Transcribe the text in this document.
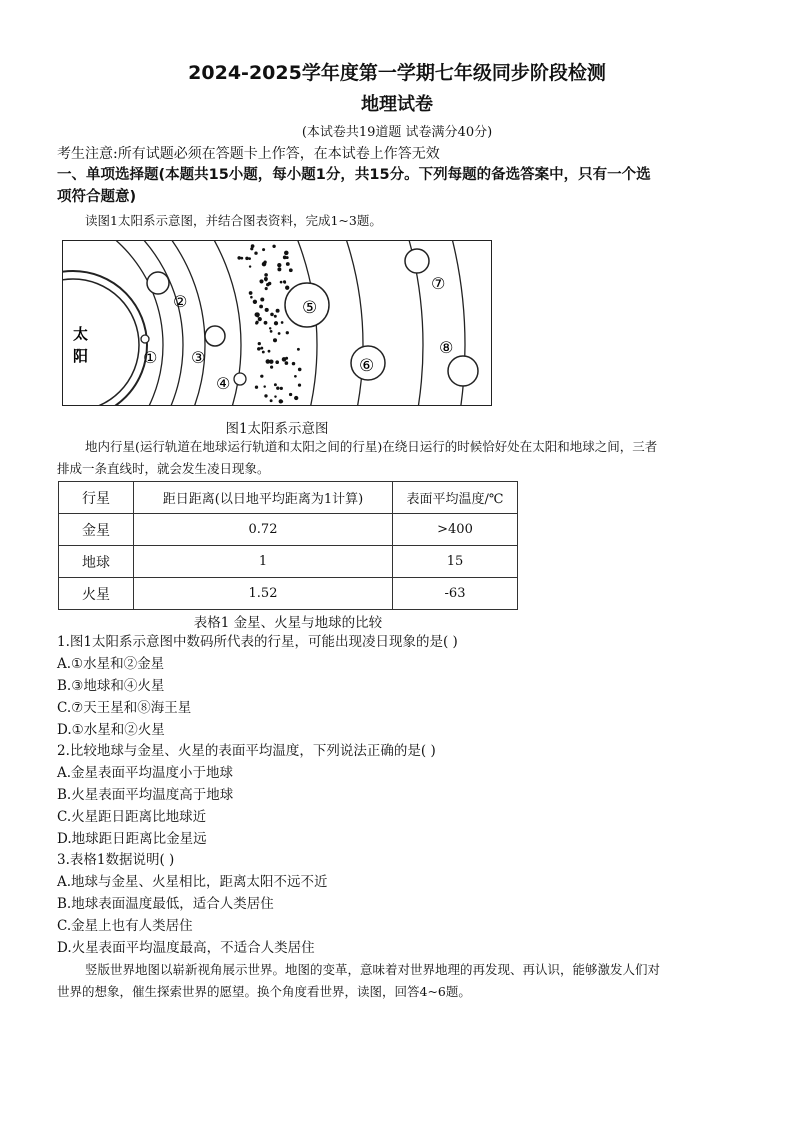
2024-2025学年度第一学期七年级同步阶段检测
地理试卷
(本试卷共19道题 试卷满分40分)
考生注意:所有试题必须在答题卡上作答，在本试卷上作答无效
一、单项选择题(本题共15小题，每小题1分，共15分。下列每题的备选答案中，只有一个选
项符合题意)
读图1太阳系示意图，并结合图表资料，完成1~3题。
太
阳	①
②
③
④
⑤
⑥
⑦
⑧
图1太阳系示意图
地内行星(运行轨道在地球运行轨道和太阳之间的行星)在绕日运行的时候恰好处在太阳和地球之间，三者
排成一条直线时，就会发生凌日现象。
行星	距日距离(以日地平均距离为1计算)	表面平均温度/℃
金星	0.72	>400
地球	1	15
火星	1.52	-63
表格1 金星、火星与地球的比较
1.图1太阳系示意图中数码所代表的行星，可能出现凌日现象的是( )
A.①水星和②金星
B.③地球和④火星
C.⑦天王星和⑧海王星
D.①水星和②火星
2.比较地球与金星、火星的表面平均温度，下列说法正确的是( )
A.金星表面平均温度小于地球
B.火星表面平均温度高于地球
C.火星距日距离比地球近
D.地球距日距离比金星远
3.表格1数据说明( )
A.地球与金星、火星相比，距离太阳不远不近
B.地球表面温度最低，适合人类居住
C.金星上也有人类居住
D.火星表面平均温度最高，不适合人类居住
竖版世界地图以崭新视角展示世界。地图的变革，意味着对世界地理的再发现、再认识，能够激发人们对
世界的想象，催生探索世界的愿望。换个角度看世界，读图，回答4~6题。
